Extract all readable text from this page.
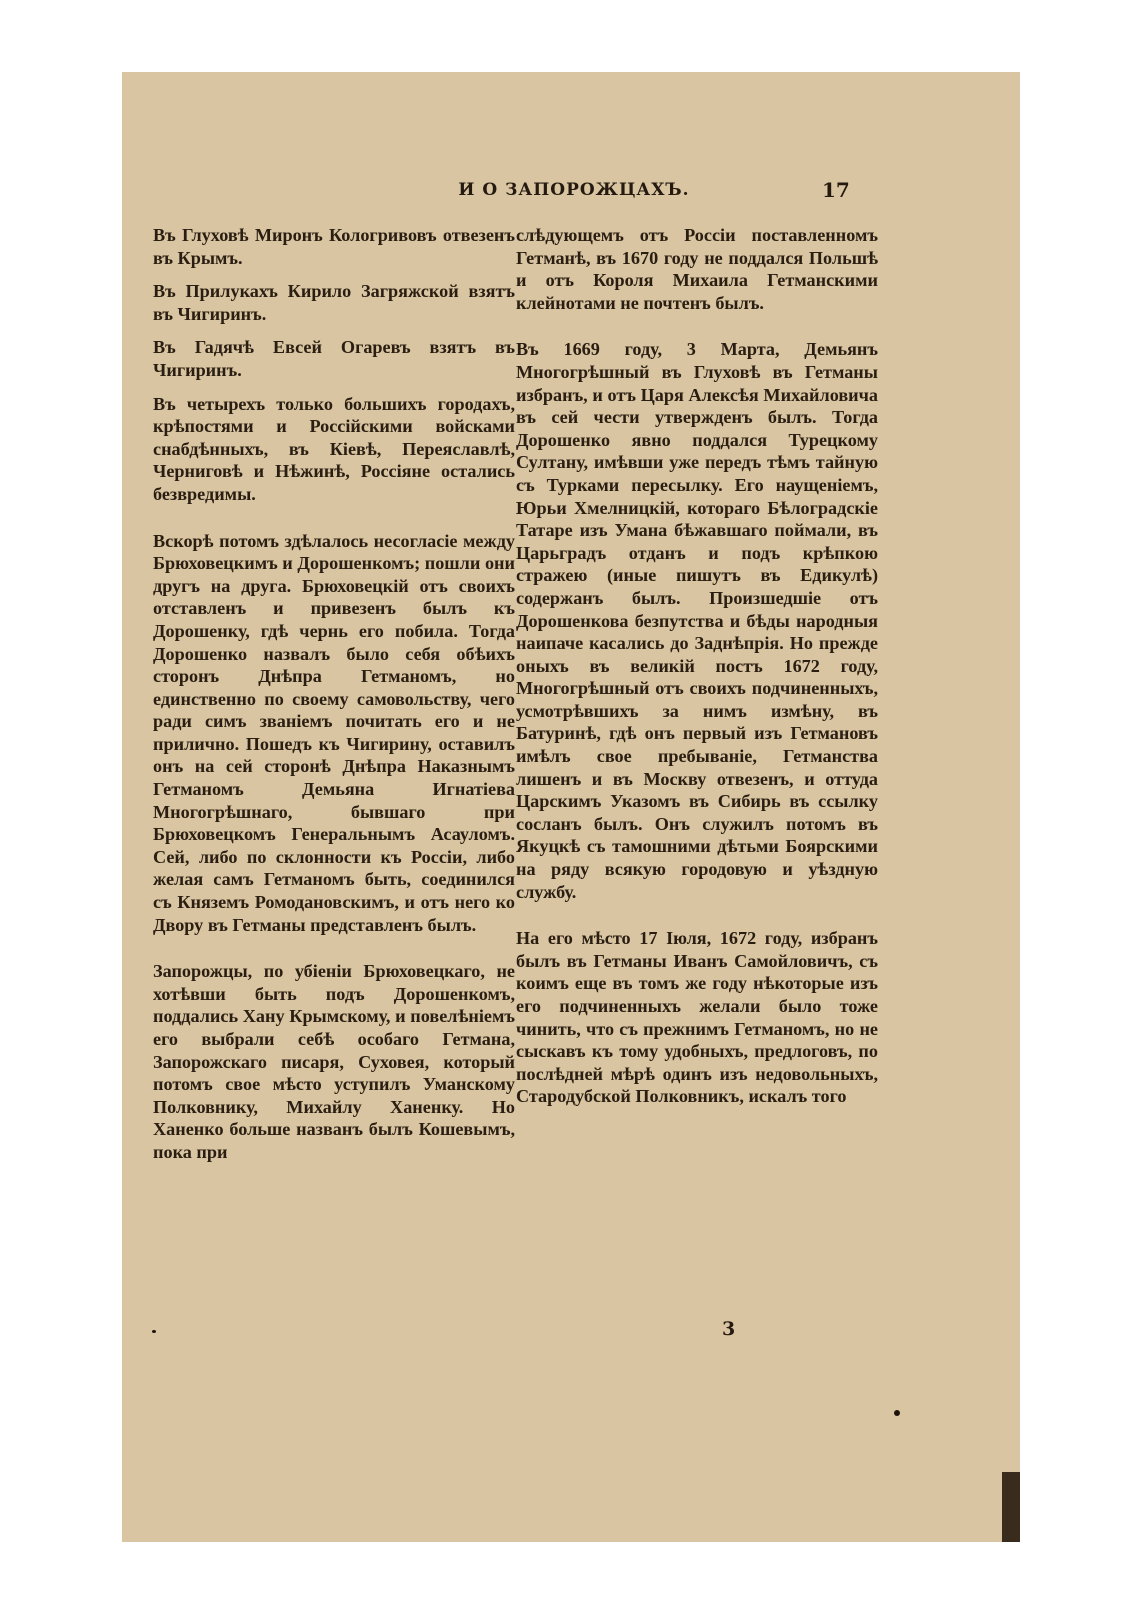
И О ЗАПОРОЖЦАХЪ.	17

Въ Глуховѣ Миронъ Кологривовъ отвезенъ въ Крымъ.

Въ Прилукахъ Кирило Загряжской взятъ въ Чигиринъ.

Въ Гадячѣ Евсей Огаревъ взятъ въ Чигиринъ.

Въ четырехъ только большихъ городахъ, крѣпостями и Россійскими войсками снабдѣнныхъ, въ Кіевѣ, Переяславлѣ, Черниговѣ и Нѣжинѣ, Россіяне остались безвредимы.

Вскорѣ потомъ здѣлалось несогласіе между Брюховецкимъ и Дорошенкомъ; пошли они другъ на друга. Брюховецкій отъ своихъ отставленъ и привезенъ былъ къ Дорошенку, гдѣ чернь его побила. Тогда Дорошенко назвалъ было себя обѣихъ сторонъ Днѣпра Гетманомъ, но единственно по своему самовольству, чего ради симъ званіемъ почитать его и не прилично. Пошедъ къ Чигирину, оставилъ онъ на сей сторонѣ Днѣпра Наказнымъ Гетманомъ Демьяна Игнатіева Многогрѣшнаго, бывшаго при Брюховецкомъ Генеральнымъ Асауломъ. Сей, либо по склонности къ Россіи, либо желая самъ Гетманомъ быть, соединился съ Княземъ Ромодановскимъ, и отъ него ко Двору въ Гетманы представленъ былъ.

Запорожцы, по убіеніи Брюховецкаго, не хотѣвши быть подъ Дорошенкомъ, поддались Хану Крымскому, и повелѣніемъ его выбрали себѣ особаго Гетмана, Запорожскаго писаря, Суховея, который потомъ свое мѣсто уступилъ Уманскому Полковнику, Михайлу Ханенку. Но Ханенко больше названъ былъ Кошевымъ, пока при

слѣдующемъ отъ Россіи поставленномъ Гетманѣ, въ 1670 году не поддался Польшѣ и отъ Короля Михаила Гетманскими клейнотами не почтенъ былъ.

Въ 1669 году, 3 Марта, Демьянъ Многогрѣшный въ Глуховѣ въ Гетманы избранъ, и отъ Царя Алексѣя Михайловича въ сей чести утвержденъ былъ. Тогда Дорошенко явно поддался Турецкому Султану, имѣвши уже передъ тѣмъ тайную съ Турками пересылку. Его наущеніемъ, Юрьи Хмелницкій, котораго Бѣлоградскіе Татаре изъ Умана бѣжавшаго поймали, въ Царьградъ отданъ и подъ крѣпкою стражею (иные пишутъ въ Едикулѣ) содержанъ былъ. Произшедшіе отъ Дорошенкова безпутства и бѣды народныя наипаче касались до Заднѣпрія. Но прежде оныхъ въ великій постъ 1672 году, Многогрѣшный отъ своихъ подчиненныхъ, усмотрѣвшихъ за нимъ измѣну, въ Батуринѣ, гдѣ онъ первый изъ Гетмановъ имѣлъ свое пребываніе, Гетманства лишенъ и въ Москву отвезенъ, и оттуда Царскимъ Указомъ въ Сибирь въ ссылку сосланъ былъ. Онъ служилъ потомъ въ Якуцкѣ съ тамошними дѣтьми Боярскими на ряду всякую городовую и уѣздную службу.

На его мѣсто 17 Іюля, 1672 году, избранъ былъ въ Гетманы Иванъ Самойловичъ, съ коимъ еще въ томъ же году нѣкоторые изъ его подчиненныхъ желали было тоже чинить, что съ прежнимъ Гетманомъ, но не сыскавъ къ тому удобныхъ, предлоговъ, по послѣдней мѣрѣ одинъ изъ недовольныхъ, Стародубской Полковникъ, искалъ того

3
